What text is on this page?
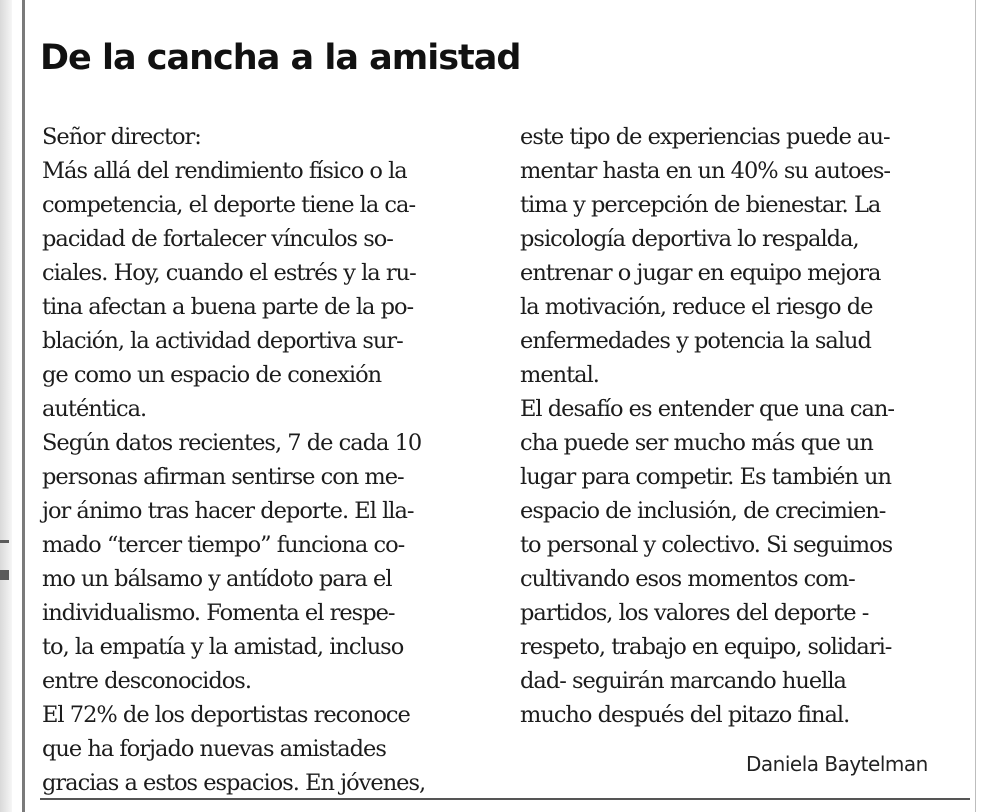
De la cancha a la amistad
Señor director:
Más allá del rendimiento físico o la
competencia, el deporte tiene la ca-
pacidad de fortalecer vínculos so-
ciales. Hoy, cuando el estrés y la ru-
tina afectan a buena parte de la po-
blación, la actividad deportiva sur-
ge como un espacio de conexión
auténtica.
Según datos recientes, 7 de cada 10
personas afirman sentirse con me-
jor ánimo tras hacer deporte. El lla-
mado “tercer tiempo” funciona co-
mo un bálsamo y antídoto para el
individualismo. Fomenta el respe-
to, la empatía y la amistad, incluso
entre desconocidos.
El 72% de los deportistas reconoce
que ha forjado nuevas amistades
gracias a estos espacios. En jóvenes,
este tipo de experiencias puede au-
mentar hasta en un 40% su autoes-
tima y percepción de bienestar. La
psicología deportiva lo respalda,
entrenar o jugar en equipo mejora
la motivación, reduce el riesgo de
enfermedades y potencia la salud
mental.
El desafío es entender que una can-
cha puede ser mucho más que un
lugar para competir. Es también un
espacio de inclusión, de crecimien-
to personal y colectivo. Si seguimos
cultivando esos momentos com-
partidos, los valores del deporte -
respeto, trabajo en equipo, solidari-
dad- seguirán marcando huella
mucho después del pitazo final.
Daniela Baytelman
